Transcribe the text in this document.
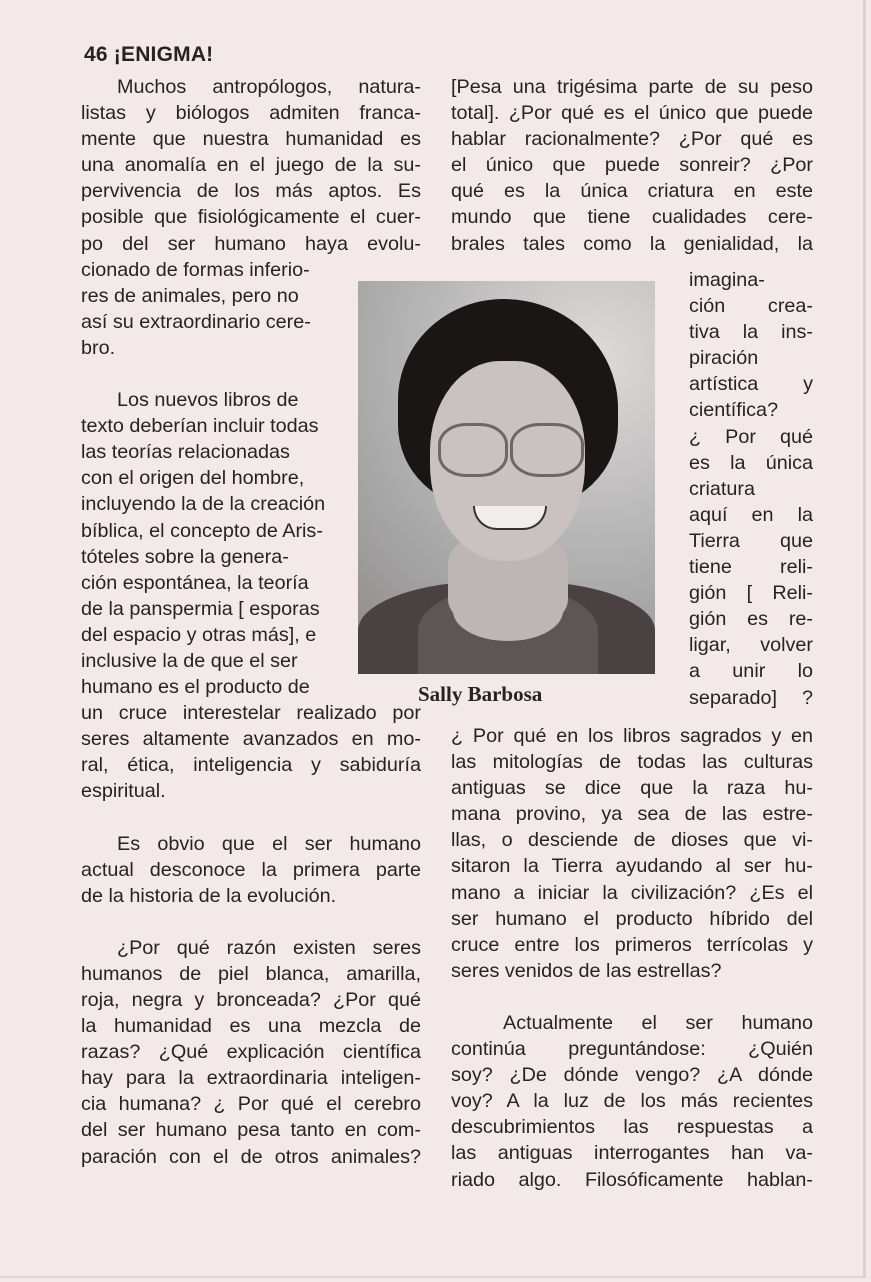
46 ¡ENIGMA!
Muchos antropólogos, natura-
listas y biólogos admiten franca-
mente que nuestra humanidad es
una anomalía en el juego de la su-
pervivencia de los más aptos. Es
posible que fisiológicamente el cuer-
po del ser humano haya evolu-
cionado de formas inferio-
res de animales, pero no
así su extraordinario cere-
bro.
Los nuevos libros de
texto deberían incluir todas
las teorías relacionadas
con el origen del hombre,
incluyendo la de la creación
bíblica, el concepto de Aris-
tóteles sobre la genera-
ción espontánea, la teoría
de la panspermia [ esporas
del espacio y otras más], e
inclusive la de que el ser
humano es el producto de
un cruce interestelar realizado por
seres altamente avanzados en mo-
ral, ética, inteligencia y sabiduría
espiritual.
Es obvio que el ser humano
actual desconoce la primera parte
de la historia de la evolución.
¿Por qué razón existen seres
humanos de piel blanca, amarilla,
roja, negra y bronceada? ¿Por qué
la humanidad es una mezcla de
razas? ¿Qué explicación científica
hay para la extraordinaria inteligen-
cia humana? ¿ Por qué el cerebro
del ser humano pesa tanto en com-
paración con el de otros animales?
[Pesa una trigésima parte de su peso
total]. ¿Por qué es el único que puede
hablar racionalmente? ¿Por qué es
el único que puede sonreir? ¿Por
qué es la única criatura en este
mundo que tiene cualidades cere-
brales tales como la genialidad, la
imagina-
ción crea-
tiva la ins-
piración
artística y
científica?
¿ Por qué
es la única
criatura
aquí en la
Tierra que
tiene reli-
gión [ Reli-
gión es re-
ligar, volver
a unir lo
separado] ?
¿ Por qué en los libros sagrados y en
las mitologías de todas las culturas
antiguas se dice que la raza hu-
mana provino, ya sea de las estre-
llas, o desciende de dioses que vi-
sitaron la Tierra ayudando al ser hu-
mano a iniciar la civilización? ¿Es el
ser humano el producto híbrido del
cruce entre los primeros terrícolas y
seres venidos de las estrellas?
Actualmente el ser humano
continúa preguntándose: ¿Quién
soy? ¿De dónde vengo? ¿A dónde
voy? A la luz de los más recientes
descubrimientos las respuestas a
las antiguas interrogantes han va-
riado algo. Filosóficamente hablan-
Sally Barbosa
